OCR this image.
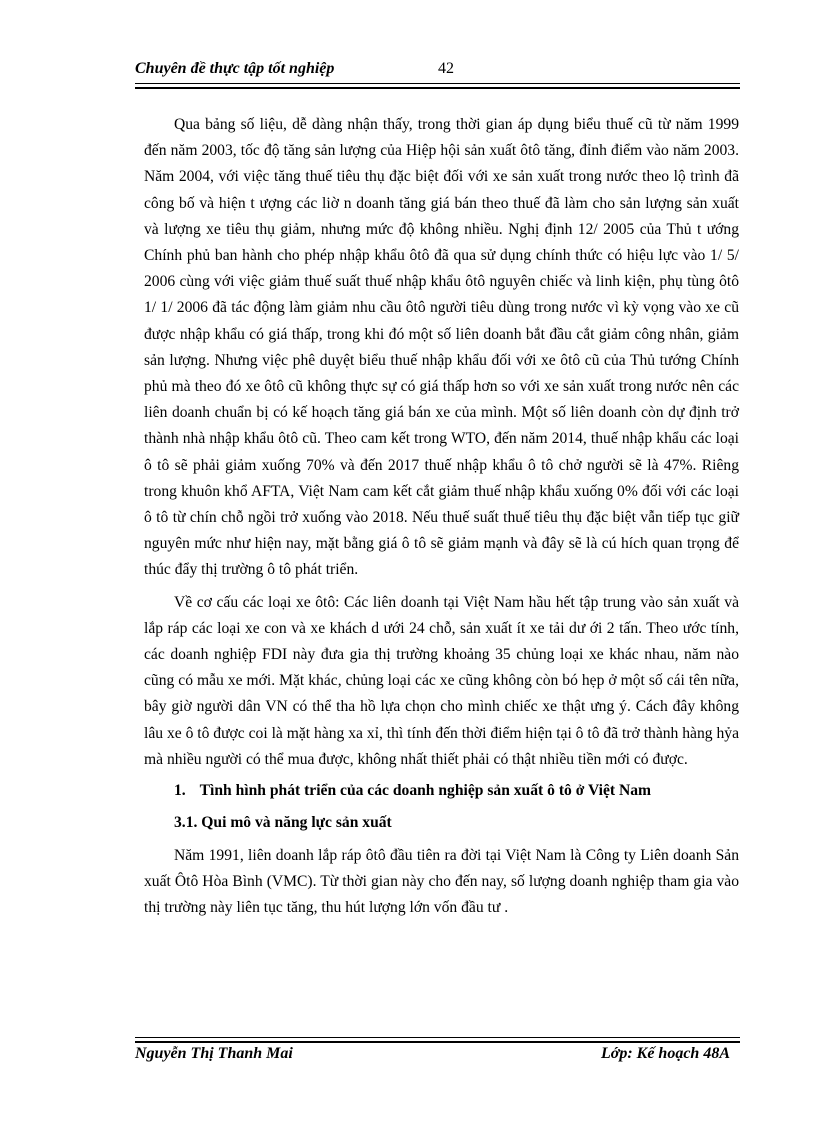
Chuyên đề thực tập tốt nghiệp	42

Qua bảng số liệu, dễ dàng nhận thấy, trong thời gian áp dụng biểu thuế cũ từ năm 1999 đến năm 2003, tốc độ tăng sản lượng của Hiệp hội sản xuất ôtô tăng, đỉnh điểm vào năm 2003. Năm 2004, với việc tăng thuế tiêu thụ đặc biệt đối với xe sản xuất trong nước theo lộ trình đã công bố và hiện t ượng các liờ n doanh tăng giá bán theo thuế đã làm cho sản lượng sản xuất và lượng xe tiêu thụ giảm, nhưng mức độ không nhiều. Nghị định 12/ 2005 của Thủ t ướng Chính phủ ban hành cho phép nhập khẩu ôtô đã qua sử dụng chính thức có hiệu lực vào 1/ 5/ 2006 cùng với việc giảm thuế suất thuế nhập khẩu ôtô nguyên chiếc và linh kiện, phụ tùng ôtô 1/ 1/ 2006 đã tác động làm giảm nhu cầu ôtô người tiêu dùng trong nước vì kỳ vọng vào xe cũ được nhập khẩu có giá thấp, trong khi đó một số liên doanh bắt đầu cắt giảm công nhân, giảm sản lượng. Nhưng việc phê duyệt biểu thuế nhập khẩu đối với xe ôtô cũ của Thủ tướng Chính phủ mà theo đó xe ôtô cũ không thực sự có giá thấp hơn so với xe sản xuất trong nước nên các liên doanh chuẩn bị có kế hoạch tăng giá bán xe của mình. Một số liên doanh còn dự định trở thành nhà nhập khẩu ôtô cũ. Theo cam kết trong WTO, đến năm 2014, thuế nhập khẩu các loại ô tô sẽ phải giảm xuống 70% và đến 2017 thuế nhập khẩu ô tô chở người sẽ là 47%. Riêng trong khuôn khổ AFTA, Việt Nam cam kết cắt giảm thuế nhập khẩu xuống 0% đối với các loại ô tô từ chín chỗ ngồi trở xuống vào 2018. Nếu thuế suất thuế tiêu thụ đặc biệt vẫn tiếp tục giữ nguyên mức như hiện nay, mặt bằng giá ô tô sẽ giảm mạnh và đây sẽ là cú hích quan trọng để thúc đẩy thị trường ô tô phát triển.

Về cơ cấu các loại xe ôtô: Các liên doanh tại Việt Nam hầu hết tập trung vào sản xuất và lắp ráp các loại xe con và xe khách d ưới 24 chỗ, sản xuất ít xe tải dư ới 2 tấn. Theo ước tính, các doanh nghiệp FDI này đưa gia thị trường khoảng 35 chủng loại xe khác nhau, năm nào cũng có mẫu xe mới. Mặt khác, chủng loại các xe cũng không còn bó hẹp ở một số cái tên nữa, bây giờ người dân VN có thể tha hồ lựa chọn cho mình chiếc xe thật ưng ý. Cách đây không lâu xe ô tô được coi là mặt hàng xa xỉ, thì tính đến thời điểm hiện tại ô tô đã trở thành hàng hỷa mà nhiều người có thể mua được, không nhất thiết phải có thật nhiều tiền mới có được.

1. Tình hình phát triển của các doanh nghiệp sản xuất ô tô ở Việt Nam
3.1. Qui mô và năng lực sản xuất

Năm 1991, liên doanh lắp ráp ôtô đầu tiên ra đời tại Việt Nam là Công ty Liên doanh Sản xuất Ôtô Hòa Bình (VMC). Từ thời gian này cho đến nay, số lượng doanh nghiệp tham gia vào thị trường này liên tục tăng, thu hút lượng lớn vốn đầu tư .

Nguyễn Thị Thanh Mai	Lớp: Kế hoạch 48A
